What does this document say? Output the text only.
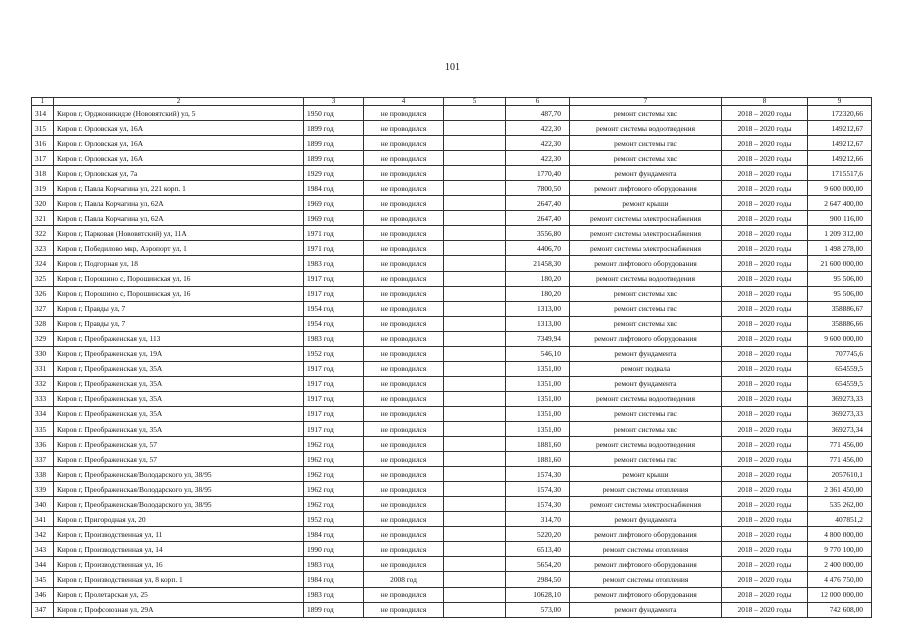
101
1	2	3	4	5	6	7	8	9
314	Киров г, Орджоникидзе (Нововятский) ул, 5	1950 год	не проводился		487,70	ремонт системы хвс	2018 – 2020 годы	172320,66
315	Киров г. Орловская ул, 16А	1899 год	не проводился		422,30	ремонт системы водоотведения	2018 – 2020 годы	149212,67
316	Киров г. Орловская ул, 16А	1899 год	не проводился		422,30	ремонт системы гвс	2018 – 2020 годы	149212,67
317	Киров г. Орловская ул, 16А	1899 год	не проводился		422,30	ремонт системы хвс	2018 – 2020 годы	149212,66
318	Киров г, Орловская ул, 7а	1929 год	не проводился		1770,40	ремонт фундамента	2018 – 2020 годы	1715517,6
319	Киров г, Павла Корчагина ул, 221 корп. 1	1984 год	не проводился		7800,50	ремонт лифтового оборудования	2018 – 2020 годы	9 600 000,00
320	Киров г, Павла Корчагина ул, 62А	1969 год	не проводился		2647,40	ремонт крыши	2018 – 2020 годы	2 647 400,00
321	Киров г, Павла Корчагина ул, 62А	1969 год	не проводился		2647,40	ремонт системы электроснабжения	2018 – 2020 годы	900 116,00
322	Киров г, Парковая (Нововятский) ул, 11А	1971 год	не проводился		3556,80	ремонт системы электроснабжения	2018 – 2020 годы	1 209 312,00
323	Киров г, Победилово мкр, Аэропорт ул, 1	1971 год	не проводился		4406,70	ремонт системы электроснабжения	2018 – 2020 годы	1 498 278,00
324	Киров г, Подгорная ул, 18	1983 год	не проводился		21458,30	ремонт лифтового оборудования	2018 – 2020 годы	21 600 000,00
325	Киров г, Порошино с, Порошинская ул, 16	1917 год	не проводился		180,20	ремонт системы водоотведения	2018 – 2020 годы	95 506,00
326	Киров г, Порошино с, Порошинская ул, 16	1917 год	не проводился		180,20	ремонт системы хвс	2018 – 2020 годы	95 506,00
327	Киров г, Правды ул, 7	1954 год	не проводился		1313,00	ремонт системы гвс	2018 – 2020 годы	358886,67
328	Киров г, Правды ул, 7	1954 год	не проводился		1313,00	ремонт системы хвс	2018 – 2020 годы	358886,66
329	Киров г, Преображенская ул, 113	1983 год	не проводился		7349,94	ремонт лифтового оборудования	2018 – 2020 годы	9 600 000,00
330	Киров г, Преображенская ул, 19А	1952 год	не проводился		546,10	ремонт фундамента	2018 – 2020 годы	707745,6
331	Киров г, Преображенская ул, 35А	1917 год	не проводился		1351,00	ремонт подвала	2018 – 2020 годы	654559,5
332	Киров г, Преображенская ул, 35А	1917 год	не проводился		1351,00	ремонт фундамента	2018 – 2020 годы	654559,5
333	Киров г, Преображенская ул, 35А	1917 год	не проводился		1351,00	ремонт системы водоотведения	2018 – 2020 годы	369273,33
334	Киров г. Преображенская ул, 35А	1917 год	не проводился		1351,00	ремонт системы гвс	2018 – 2020 годы	369273,33
335	Киров г. Преображенская ул, 35А	1917 год	не проводился		1351,00	ремонт системы хвс	2018 – 2020 годы	369273,34
336	Киров г. Преображенская ул, 57	1962 год	не проводился		1881,60	ремонт системы водоотведения	2018 – 2020 годы	771 456,00
337	Киров г. Преображенская ул, 57	1962 год	не проводился		1881,60	ремонт системы гвс	2018 – 2020 годы	771 456,00
338	Киров г, Преображенская/Володарского ул, 38/95	1962 год	не проводился		1574,30	ремонт крыши	2018 – 2020 годы	2057610,1
339	Киров г, Преображенская/Володарского ул, 38/95	1962 год	не проводился		1574,30	ремонт системы отопления	2018 – 2020 годы	2 361 450,00
340	Киров г, Преображенская/Володарского ул, 38/95	1962 год	не проводился		1574,30	ремонт системы электроснабжения	2018 – 2020 годы	535 262,00
341	Киров г, Пригородная ул, 20	1952 год	не проводился		314,70	ремонт фундамента	2018 – 2020 годы	407851,2
342	Киров г, Производственная ул, 11	1984 год	не проводился		5220,20	ремонт лифтового оборудования	2018 – 2020 годы	4 800 000,00
343	Киров г, Производственная ул, 14	1990 год	не проводился		6513,40	ремонт системы отопления	2018 – 2020 годы	9 770 100,00
344	Киров г, Производственная ул, 16	1983 год	не проводился		5654,20	ремонт лифтового оборудования	2018 – 2020 годы	2 400 000,00
345	Киров г, Производственная ул, 8 корп. 1	1984 год	2008 год		2984,50	ремонт системы отопления	2018 – 2020 годы	4 476 750,00
346	Киров г, Пролетарская ул, 25	1983 год	не проводился		10628,10	ремонт лифтового оборудования	2018 – 2020 годы	12 000 000,00
347	Киров г, Профсоюзная ул, 29А	1899 год	не проводился		573,00	ремонт фундамента	2018 – 2020 годы	742 608,00
